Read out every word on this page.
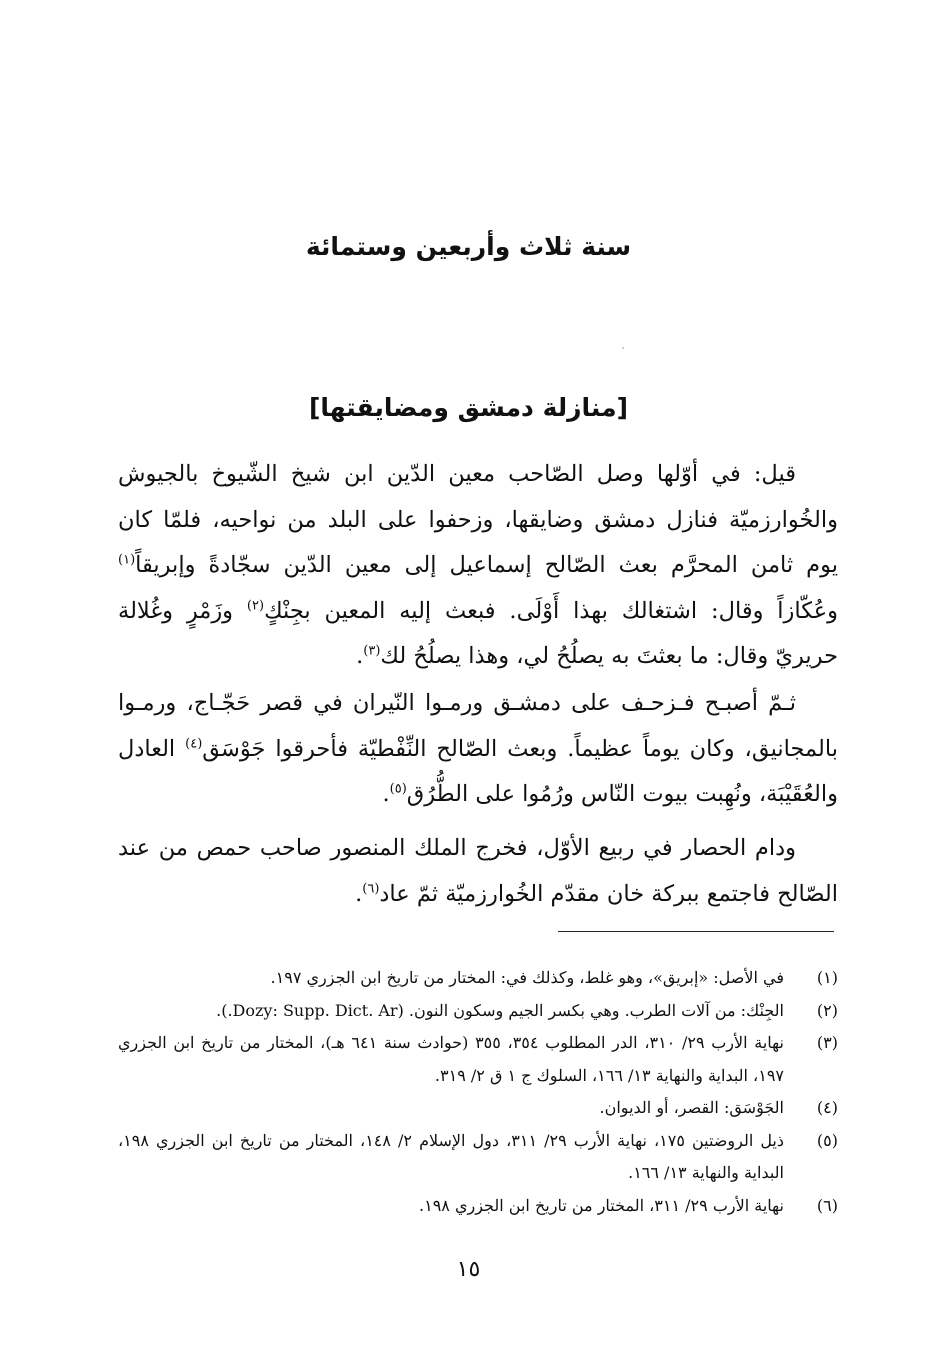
سنة ثلاث وأربعين وستمائة
[منازلة دمشق ومضايقتها]

قيل: في أوّلها وصل الصّاحب معين الدّين ابن شيخ الشّيوخ بالجيوش والخُوارزميّة فنازل دمشق وضايقها، وزحفوا على البلد من نواحيه، فلمّا كان يوم ثامن المحرَّم بعث الصّالح إسماعيل إلى معين الدّين سجّادةً وإبريقاً$^{(١)}$ وعُكّازاً وقال: اشتغالك بهذا أَوْلَى. فبعث إليه المعين بجِنْكٍ$^{(٢)}$ وزَمْرٍ وغُلالة حريريّ وقال: ما بعثتَ به يصلُحُ لي، وهذا يصلُحُ لك$^{(٣)}$.

ثـمّ أصبـح فـزحـف على دمشـق ورمـوا النّيران في قصر حَجّـاج، ورمـوا بالمجانيق، وكان يوماً عظيماً. وبعث الصّالح النِّفْطيّة فأحرقوا جَوْسَق$^{(٤)}$ العادل والعُقَيْبَة، ونُهِبت بيوت النّاس ورُمُوا على الطُّرُق$^{(٥)}$.

ودام الحصار في ربيع الأوّل، فخرج الملك المنصور صاحب حمص من عند الصّالح فاجتمع ببركة خان مقدّم الخُوارزميّة ثمّ عاد$^{(٦)}$.

(١)
في الأصل: «إبريق»، وهو غلط، وكذلك في: المختار من تاريخ ابن الجزري ١٩٧.
(٢)
الجِنْك: من آلات الطرب. وهي بكسر الجيم وسكون النون. (Dozy: Supp. Dict. Ar.).
(٣)
نهاية الأرب ٢٩/ ٣١٠، الدر المطلوب ٣٥٤، ٣٥٥ (حوادث سنة ٦٤١ هـ)، المختار من تاريخ ابن الجزري ١٩٧، البداية والنهاية ١٣/ ١٦٦، السلوك ج ١ ق ٢/ ٣١٩.
(٤)
الجَوْسَق: القصر، أو الديوان.
(٥)
ذيل الروضتين ١٧٥، نهاية الأرب ٢٩/ ٣١١، دول الإسلام ٢/ ١٤٨، المختار من تاريخ ابن الجزري ١٩٨، البداية والنهاية ١٣/ ١٦٦.
(٦)
نهاية الأرب ٢٩/ ٣١١، المختار من تاريخ ابن الجزري ١٩٨.
١٥
